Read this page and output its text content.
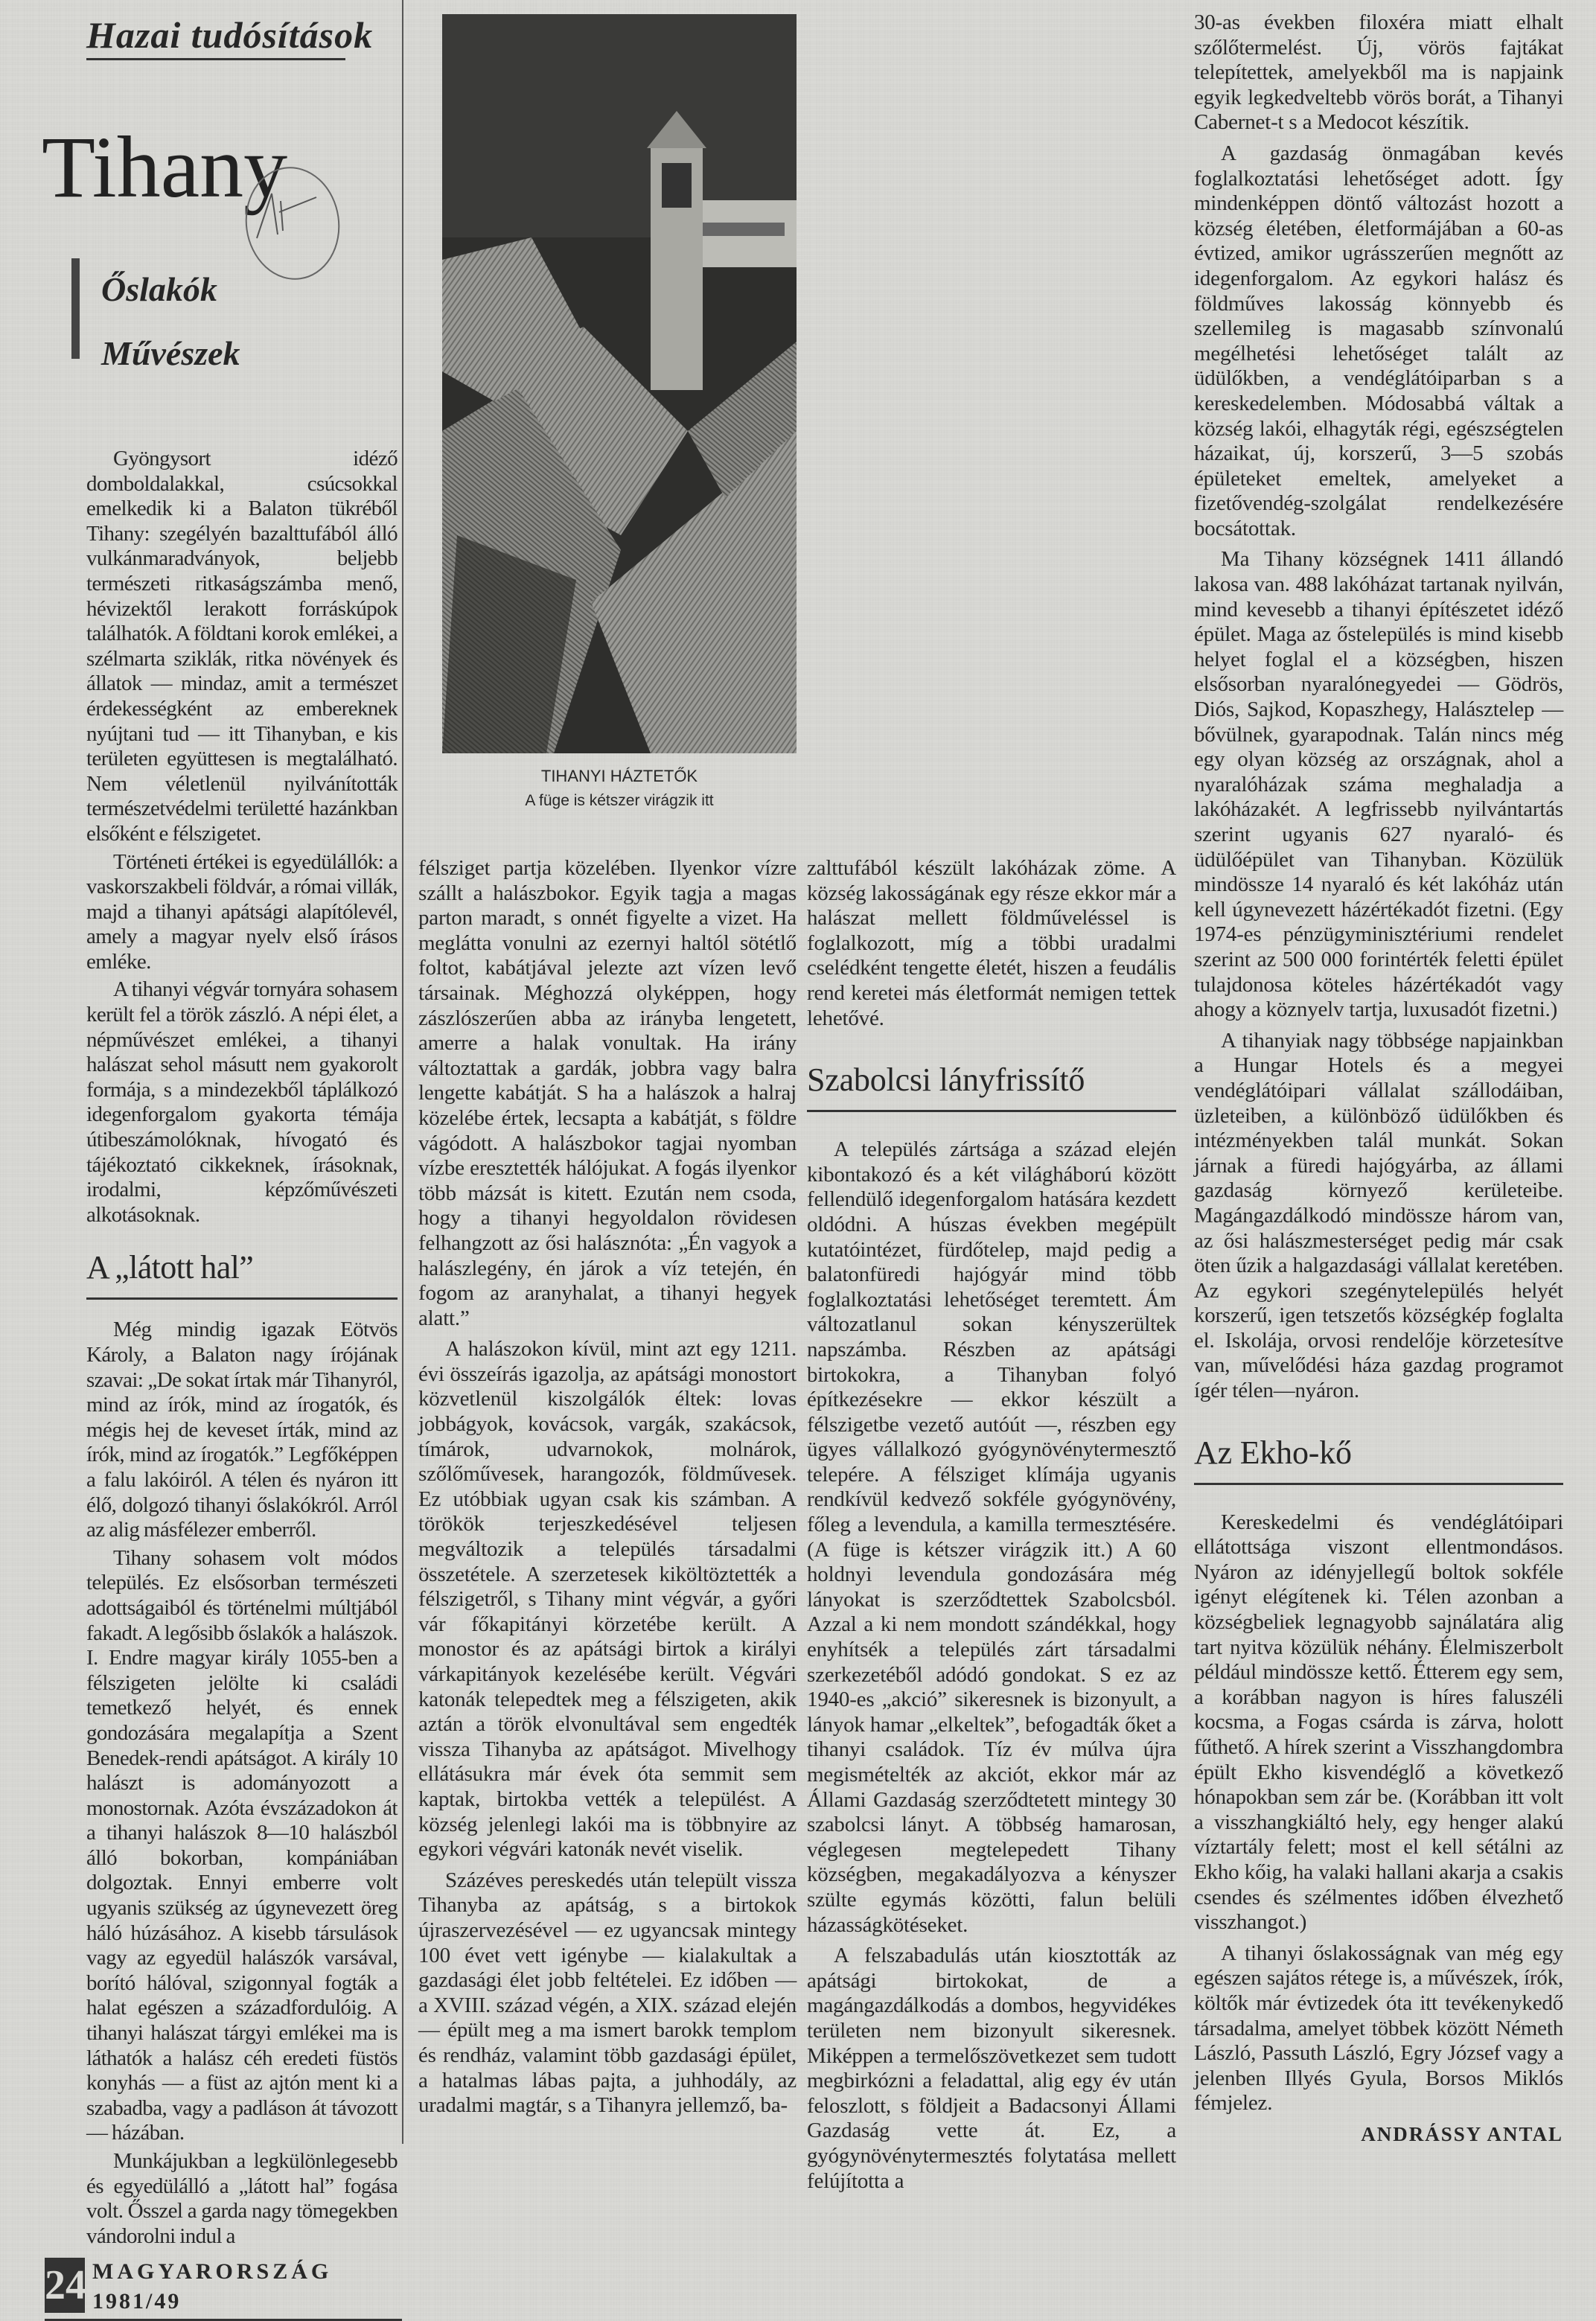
Hazai tudósítások
Tihany
Őslakók
Művészek
TIHANYI HÁZTETŐK
A füge is kétszer virágzik itt

Gyöngysort idéző domboldalakkal, csúcsokkal emelkedik ki a Balaton tükréből Tihany: szegélyén bazalttufából álló vulkánmaradványok, beljebb természeti ritkaságszámba menő, hévizektől lerakott forráskúpok találhatók. A földtani korok emlékei, a szélmarta sziklák, ritka növények és állatok — mindaz, amit a természet érdekességként az embereknek nyújtani tud — itt Tihanyban, e kis területen együttesen is megtalálható. Nem véletlenül nyilvánították természetvédelmi területté hazánkban elsőként e félszigetet.

Történeti értékei is egyedülállók: a vaskorszakbeli földvár, a római villák, majd a tihanyi apátsági alapítólevél, amely a magyar nyelv első írásos emléke.

A tihanyi végvár tornyára sohasem került fel a török zászló. A népi élet, a népművészet emlékei, a tihanyi halászat sehol másutt nem gyakorolt formája, s a mindezekből táplálkozó idegenforgalom gyakorta témája útibeszámolóknak, hívogató és tájékoztató cikkeknek, írásoknak, irodalmi, képzőművészeti alkotásoknak.

A „látott hal”

Még mindig igazak Eötvös Károly, a Balaton nagy írójának szavai: „De sokat írtak már Tihanyról, mind az írók, mind az írogatók, és mégis hej de keveset írták, mind az írók, mind az írogatók.” Legfőképpen a falu lakóiról. A télen és nyáron itt élő, dolgozó tihanyi őslakókról. Arról az alig másfélezer emberről.

Tihany sohasem volt módos település. Ez elsősorban természeti adottságaiból és történelmi múltjából fakadt. A legősibb őslakók a halászok. I. Endre magyar király 1055-ben a félszigeten jelölte ki családi temetkező helyét, és ennek gondozására megalapítja a Szent Benedek-rendi apátságot. A király 10 halászt is adományozott a monostornak. Azóta évszázadokon át a tihanyi halászok 8—10 halászból álló bokorban, kompániában dolgoztak. Ennyi emberre volt ugyanis szükség az úgynevezett öreg háló húzásához. A kisebb társulások vagy az egyedül halászók varsával, borító hálóval, szigonnyal fogták a halat egészen a századfordulóig. A tihanyi halászat tárgyi emlékei ma is láthatók a halász céh eredeti füstös konyhás — a füst az ajtón ment ki a szabadba, vagy a padláson át távozott — házában.

Munkájukban a legkülönlegesebb és egyedülálló a „látott hal” fogása volt. Ősszel a garda nagy tömegekben vándorolni indul a

félsziget partja közelében. Ilyenkor vízre szállt a halászbokor. Egyik tagja a magas parton maradt, s onnét figyelte a vizet. Ha meglátta vonulni az ezernyi haltól sötétlő foltot, kabátjával jelezte azt vízen levő társainak. Méghozzá olyképpen, hogy zászlószerűen abba az irányba lengetett, amerre a halak vonultak. Ha irány változtattak a gardák, jobbra vagy balra lengette kabátját. S ha a halászok a halraj közelébe értek, lecsapta a kabátját, s földre vágódott. A halászbokor tagjai nyomban vízbe eresztették hálójukat. A fogás ilyenkor több mázsát is kitett. Ezután nem csoda, hogy a tihanyi hegyoldalon rövidesen felhangzott az ősi halásznóta: „Én vagyok a halászlegény, én járok a víz tetején, én fogom az aranyhalat, a tihanyi hegyek alatt.”

A halászokon kívül, mint azt egy 1211. évi összeírás igazolja, az apátsági monostort közvetlenül kiszolgálók éltek: lovas jobbágyok, kovácsok, vargák, szakácsok, tímárok, udvarnokok, molnárok, szőlőművesek, harangozók, földművesek. Ez utóbbiak ugyan csak kis számban. A törökök terjeszkedésével teljesen megváltozik a település társadalmi összetétele. A szerzetesek kiköltöztették a félszigetről, s Tihany mint végvár, a győri vár főkapitányi körzetébe került. A monostor és az apátsági birtok a királyi várkapitányok kezelésébe került. Végvári katonák telepedtek meg a félszigeten, akik aztán a török elvonultával sem engedték vissza Tihanyba az apátságot. Mivelhogy ellátásukra már évek óta semmit sem kaptak, birtokba vették a települést. A község jelenlegi lakói ma is többnyire az egykori végvári katonák nevét viselik.

Százéves pereskedés után települt vissza Tihanyba az apátság, s a birtokok újraszervezésével — ez ugyancsak mintegy 100 évet vett igénybe — kialakultak a gazdasági élet jobb feltételei. Ez időben — a XVIII. század végén, a XIX. század elején — épült meg a ma ismert barokk templom és rendház, valamint több gazdasági épület, a hatalmas lábas pajta, a juhhodály, az uradalmi magtár, s a Tihanyra jellemző, ba-

zalttufából készült lakóházak zöme. A község lakosságának egy része ekkor már a halászat mellett földműveléssel is foglalkozott, míg a többi uradalmi cselédként tengette életét, hiszen a feudális rend keretei más életformát nemigen tettek lehetővé.

Szabolcsi lányfrissítő

A település zártsága a század elején kibontakozó és a két világháború között fellendülő idegenforgalom hatására kezdett oldódni. A húszas években megépült kutatóintézet, fürdőtelep, majd pedig a balatonfüredi hajógyár mind több foglalkoztatási lehetőséget teremtett. Ám változatlanul sokan kényszerültek napszámba. Részben az apátsági birtokokra, a Tihanyban folyó építkezésekre — ekkor készült a félszigetbe vezető autóút —, részben egy ügyes vállalkozó gyógynövénytermesztő telepére. A félsziget klímája ugyanis rendkívül kedvező sokféle gyógynövény, főleg a levendula, a kamilla termesztésére. (A füge is kétszer virágzik itt.) A 60 holdnyi levendula gondozására még lányokat is szerződtettek Szabolcsból. Azzal a ki nem mondott szándékkal, hogy enyhítsék a település zárt társadalmi szerkezetéből adódó gondokat. S ez az 1940-es „akció” sikeresnek is bizonyult, a lányok hamar „elkeltek”, befogadták őket a tihanyi családok. Tíz év múlva újra megismételték az akciót, ekkor már az Állami Gazdaság szerződtetett mintegy 30 szabolcsi lányt. A többség hamarosan, véglegesen megtelepedett Tihany községben, megakadályozva a kényszer szülte egymás közötti, falun belüli házasságkötéseket.

A felszabadulás után kiosztották az apátsági birtokokat, de a magángazdálkodás a dombos, hegyvidékes területen nem bizonyult sikeresnek. Miképpen a termelőszövetkezet sem tudott megbirkózni a feladattal, alig egy év után feloszlott, s földjeit a Badacsonyi Állami Gazdaság vette át. Ez, a gyógynövénytermesztés folytatása mellett felújította a

30-as években filoxéra miatt elhalt szőlőtermelést. Új, vörös fajtákat telepítettek, amelyekből ma is napjaink egyik legkedveltebb vörös borát, a Tihanyi Cabernet-t s a Medocot készítik.

A gazdaság önmagában kevés foglalkoztatási lehetőséget adott. Így mindenképpen döntő változást hozott a község életében, életformájában a 60-as évtized, amikor ugrásszerűen megnőtt az idegenforgalom. Az egykori halász és földműves lakosság könnyebb és szellemileg is magasabb színvonalú megélhetési lehetőséget talált az üdülőkben, a vendéglátóiparban s a kereskedelemben. Módosabbá váltak a község lakói, elhagyták régi, egészségtelen házaikat, új, korszerű, 3—5 szobás épületeket emeltek, amelyeket a fizetővendég-szolgálat rendelkezésére bocsátottak.

Ma Tihany községnek 1411 állandó lakosa van. 488 lakóházat tartanak nyilván, mind kevesebb a tihanyi építészetet idéző épület. Maga az őstelepülés is mind kisebb helyet foglal el a községben, hiszen elsősorban nyaralónegyedei — Gödrös, Diós, Sajkod, Kopaszhegy, Halásztelep — bővülnek, gyarapodnak. Talán nincs még egy olyan község az országnak, ahol a nyaralóházak száma meghaladja a lakóházakét. A legfrissebb nyilvántartás szerint ugyanis 627 nyaraló- és üdülőépület van Tihanyban. Közülük mindössze 14 nyaraló és két lakóház után kell úgynevezett házértékadót fizetni. (Egy 1974-es pénzügyminisztériumi rendelet szerint az 500 000 forintérték feletti épület tulajdonosa köteles házértékadót vagy ahogy a köznyelv tartja, luxusadót fizetni.)

A tihanyiak nagy többsége napjainkban a Hungar Hotels és a megyei vendéglátóipari vállalat szállodáiban, üzleteiben, a különböző üdülőkben és intézményekben talál munkát. Sokan járnak a füredi hajógyárba, az állami gazdaság környező kerületeibe. Magángazdálkodó mindössze három van, az ősi halászmesterséget pedig már csak öten űzik a halgazdasági vállalat keretében. Az egykori szegénytelepülés helyét korszerű, igen tetszetős községkép foglalta el. Iskolája, orvosi rendelője körzetesítve van, művelődési háza gazdag programot ígér télen—nyáron.

Az Ekho-kő

Kereskedelmi és vendéglátóipari ellátottsága viszont ellentmondásos. Nyáron az idényjellegű boltok sokféle igényt elégítenek ki. Télen azonban a községbeliek legnagyobb sajnálatára alig tart nyitva közülük néhány. Élelmiszerbolt például mindössze kettő. Étterem egy sem, a korábban nagyon is híres faluszéli kocsma, a Fogas csárda is zárva, holott fűthető. A hírek szerint a Visszhangdombra épült Ekho kisvendéglő a következő hónapokban sem zár be. (Korábban itt volt a visszhangkiáltó hely, egy henger alakú víztartály felett; most el kell sétálni az Ekho kőig, ha valaki hallani akarja a csakis csendes és szélmentes időben élvezhető visszhangot.)

A tihanyi őslakosságnak van még egy egészen sajátos rétege is, a művészek, írók, költők már évtizedek óta itt tevékenykedő társadalma, amelyet többek között Németh László, Passuth László, Egry József vagy a jelenben Illyés Gyula, Borsos Miklós fémjelez.

ANDRÁSSY ANTAL

24 MAGYARORSZÁG
1981/49
